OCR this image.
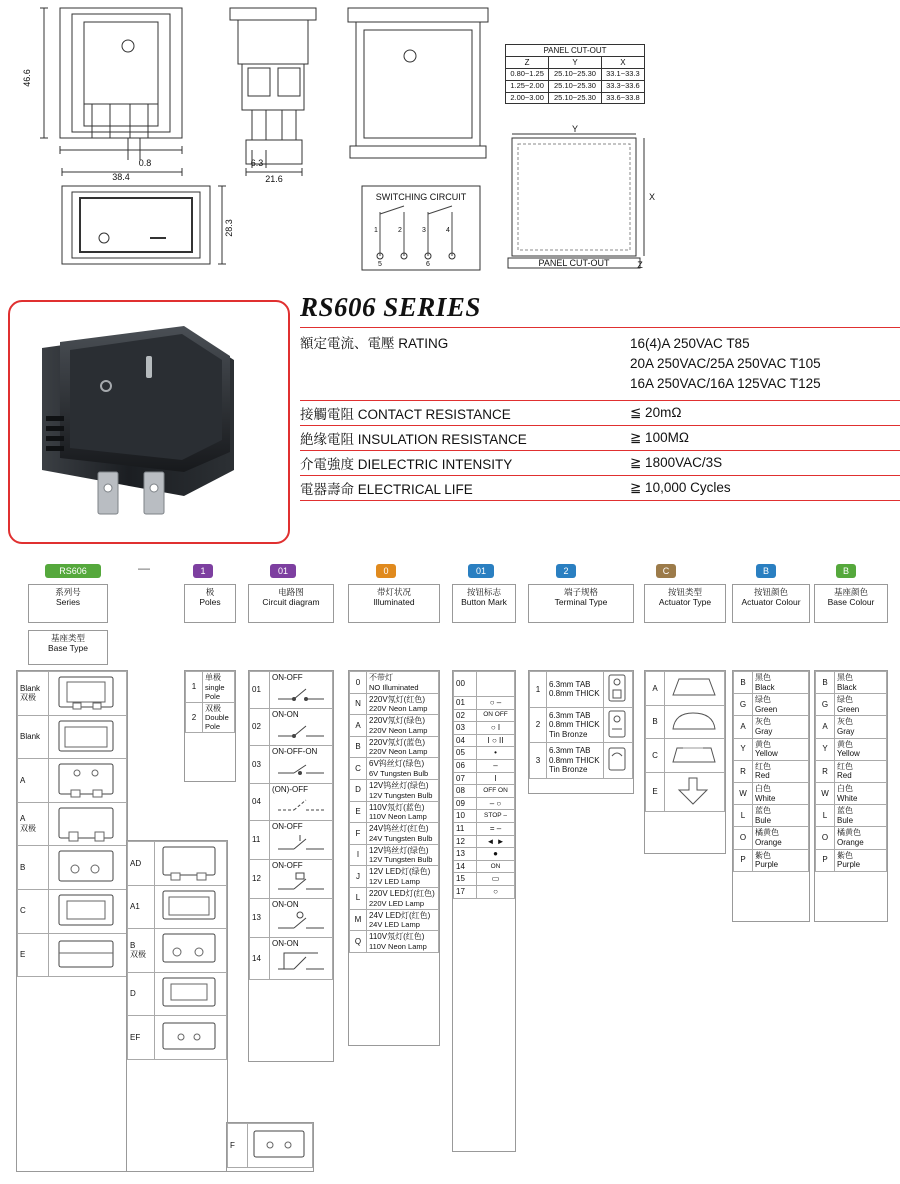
46.6
38.4
0.8	6.3
21.6
28.3
Y
X
Z
PANEL CUT-OUT
SWITCHING CIRCUIT
1	2	3	4
5	6
PANEL CUT-OUT		
Z	Y	X
0.80~1.25	25.10~25.30	33.1~33.3
1.25~2.00	25.10~25.30	33.3~33.6
2.00~3.00	25.10~25.30	33.6~33.8
RS606 SERIES
額定電流、電壓 RATING	16(4)A 250VAC T85
20A 250VAC/25A 250VAC T105
16A 250VAC/16A 125VAC T125
接觸電阻 CONTACT RESISTANCE	≦ 20mΩ
絶缘電阻 INSULATION RESISTANCE	≧ 100MΩ
介電強度 DIELECTRIC INTENSITY	≧ 1800VAC/3S
電器壽命 ELECTRICAL LIFE	≧ 10,000 Cycles
RS606	—	1	01	0	01	2	C	B	B
系列号
Series
极
Poles
电路图
Circuit diagram
带灯状况
Illuminated
按钮标志
Button Mark
端子规格
Terminal Type
按钮类型
Actuator Type
按钮颜色
Actuator Colour
基座颜色
Base Colour
基座类型
Base Type
Blank
双极

Blank

A

A
双极

B

C

E

AD

A1

B
双极

D

EF

F

1	单极
single Pole

2	双极
Double Pole
01	ON-OFF

02	ON-ON

03	ON-OFF-ON

04	(ON)-OFF

11	ON-OFF

12	ON-OFF

13	ON-ON

14	ON-ON
0	不带灯
NO Illuminated

N	220V氖灯(红色)
220V Neon Lamp

A	220V氖灯(绿色)
220V Neon Lamp

B	220V氖灯(蓝色)
220V Neon Lamp

C	6V钨丝灯(绿色)
6V Tungsten Bulb

D	12V钨丝灯(绿色)
12V Tungsten Bulb

E	110V氖灯(蓝色)
110V Neon Lamp

F	24V钨丝灯(红色)
24V Tungsten Bulb

I	12V钨丝灯(绿色)
12V Tungsten Bulb

J	12V LED灯(绿色)
12V LED Lamp

L	220V LED灯(红色)
220V LED Lamp

M	24V LED灯(红色)
24V LED Lamp

Q	110V氖灯(红色)
110V Neon Lamp
00	
01	○ –
02	ON OFF
03	○ I
04	I ○ II
05	•
06	–
07	I
08	OFF ON
09	– ○
10	STOP –
11	= –
12	◄ ►
13	●
14	ON
15	▭
17	○
1	6.3mm TAB
0.8mm THICK

2	6.3mm TAB
0.8mm THICK
Tin Bronze

3	6.3mm TAB
0.8mm THICK
Tin Bronze

A	
B	
C	
E	
B	黑色
Black

G	绿色
Green

A	灰色
Gray

Y	黄色
Yellow

R	红色
Red

W	白色
White

L	蓝色
Bule

O	橘黄色
Orange

P	紫色
Purple
B	黑色
Black

G	绿色
Green

A	灰色
Gray

Y	黄色
Yellow

R	红色
Red

W	白色
White

L	蓝色
Bule

O	橘黄色
Orange

P	紫色
Purple
